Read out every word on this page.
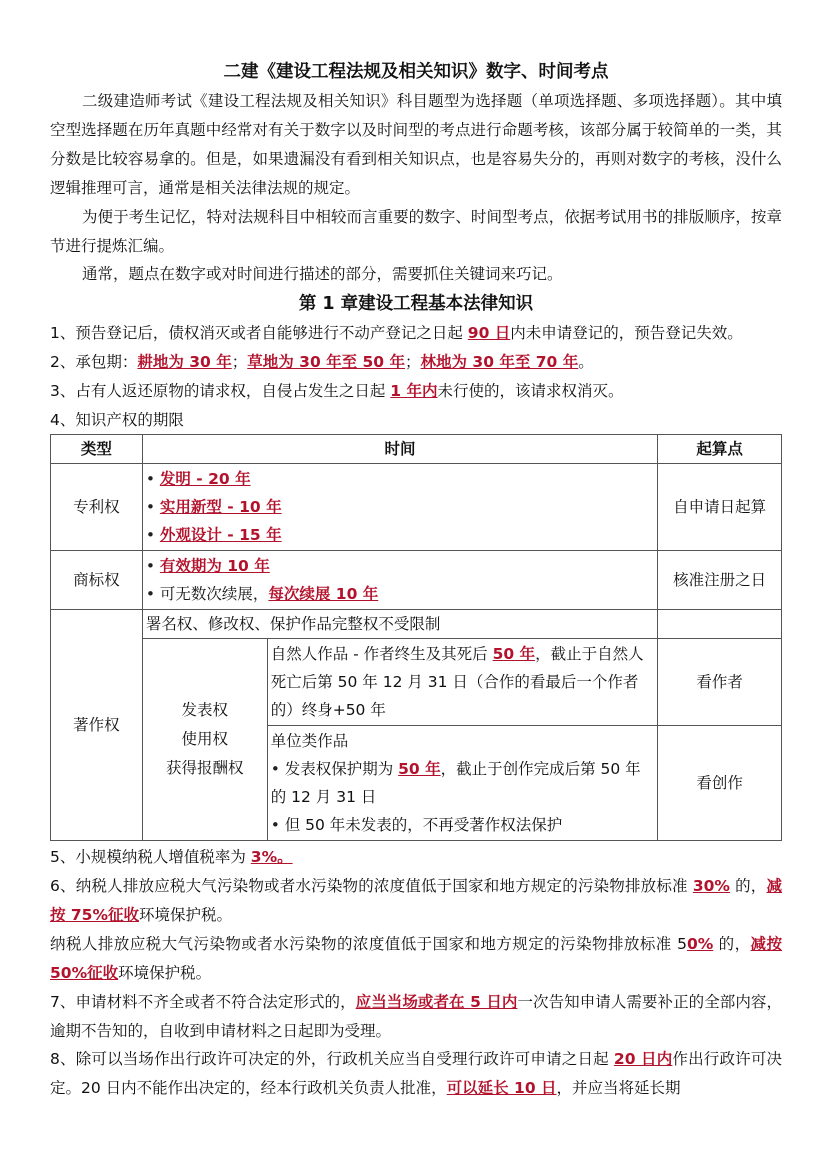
二建《建设工程法规及相关知识》数字、时间考点
二级建造师考试《建设工程法规及相关知识》科目题型为选择题（单项选择题、多项选择题）。其中填空型选择题在历年真题中经常对有关于数字以及时间型的考点进行命题考核，该部分属于较简单的一类，其分数是比较容易拿的。但是，如果遗漏没有看到相关知识点，也是容易失分的，再则对数字的考核，没什么逻辑推理可言，通常是相关法律法规的规定。
为便于考生记忆，特对法规科目中相较而言重要的数字、时间型考点，依据考试用书的排版顺序，按章节进行提炼汇编。
通常，题点在数字或对时间进行描述的部分，需要抓住关键词来巧记。
第 1 章建设工程基本法律知识
1、预告登记后，债权消灭或者自能够进行不动产登记之日起 90 日内未申请登记的，预告登记失效。
2、承包期：耕地为 30 年；草地为 30 年至 50 年；林地为 30 年至 70 年。
3、占有人返还原物的请求权，自侵占发生之日起 1 年内未行使的，该请求权消灭。
4、知识产权的期限
类型	时间		起算点
专利权	• 发明 - 20 年
• 实用新型 - 10 年
• 外观设计 - 15 年		自申请日起算
商标权	• 有效期为 10 年
• 可无数次续展，每次续展 10 年		核准注册之日
著作权	署名权、修改权、保护作品完整权不受限制		

	发表权
使用权
获得报酬权	自然人作品 - 作者终生及其死后 50 年，截止于自然人死亡后第 50 年 12 月 31 日（合作的看最后一个作者的）终身+50 年	看作者

		单位类作品
• 发表权保护期为 50 年，截止于创作完成后第 50 年的 12 月 31 日
• 但 50 年未发表的，不再受著作权法保护	看创作
5、小规模纳税人增值税率为 3%。
6、纳税人排放应税大气污染物或者水污染物的浓度值低于国家和地方规定的污染物排放标准 30% 的，减按 75%征收环境保护税。
纳税人排放应税大气污染物或者水污染物的浓度值低于国家和地方规定的污染物排放标准 50% 的，减按 50%征收环境保护税。
7、申请材料不齐全或者不符合法定形式的，应当当场或者在 5 日内一次告知申请人需要补正的全部内容，逾期不告知的，自收到申请材料之日起即为受理。
8、除可以当场作出行政许可决定的外，行政机关应当自受理行政许可申请之日起 20 日内作出行政许可决定。20 日内不能作出决定的，经本行政机关负责人批准，可以延长 10 日，并应当将延长期
